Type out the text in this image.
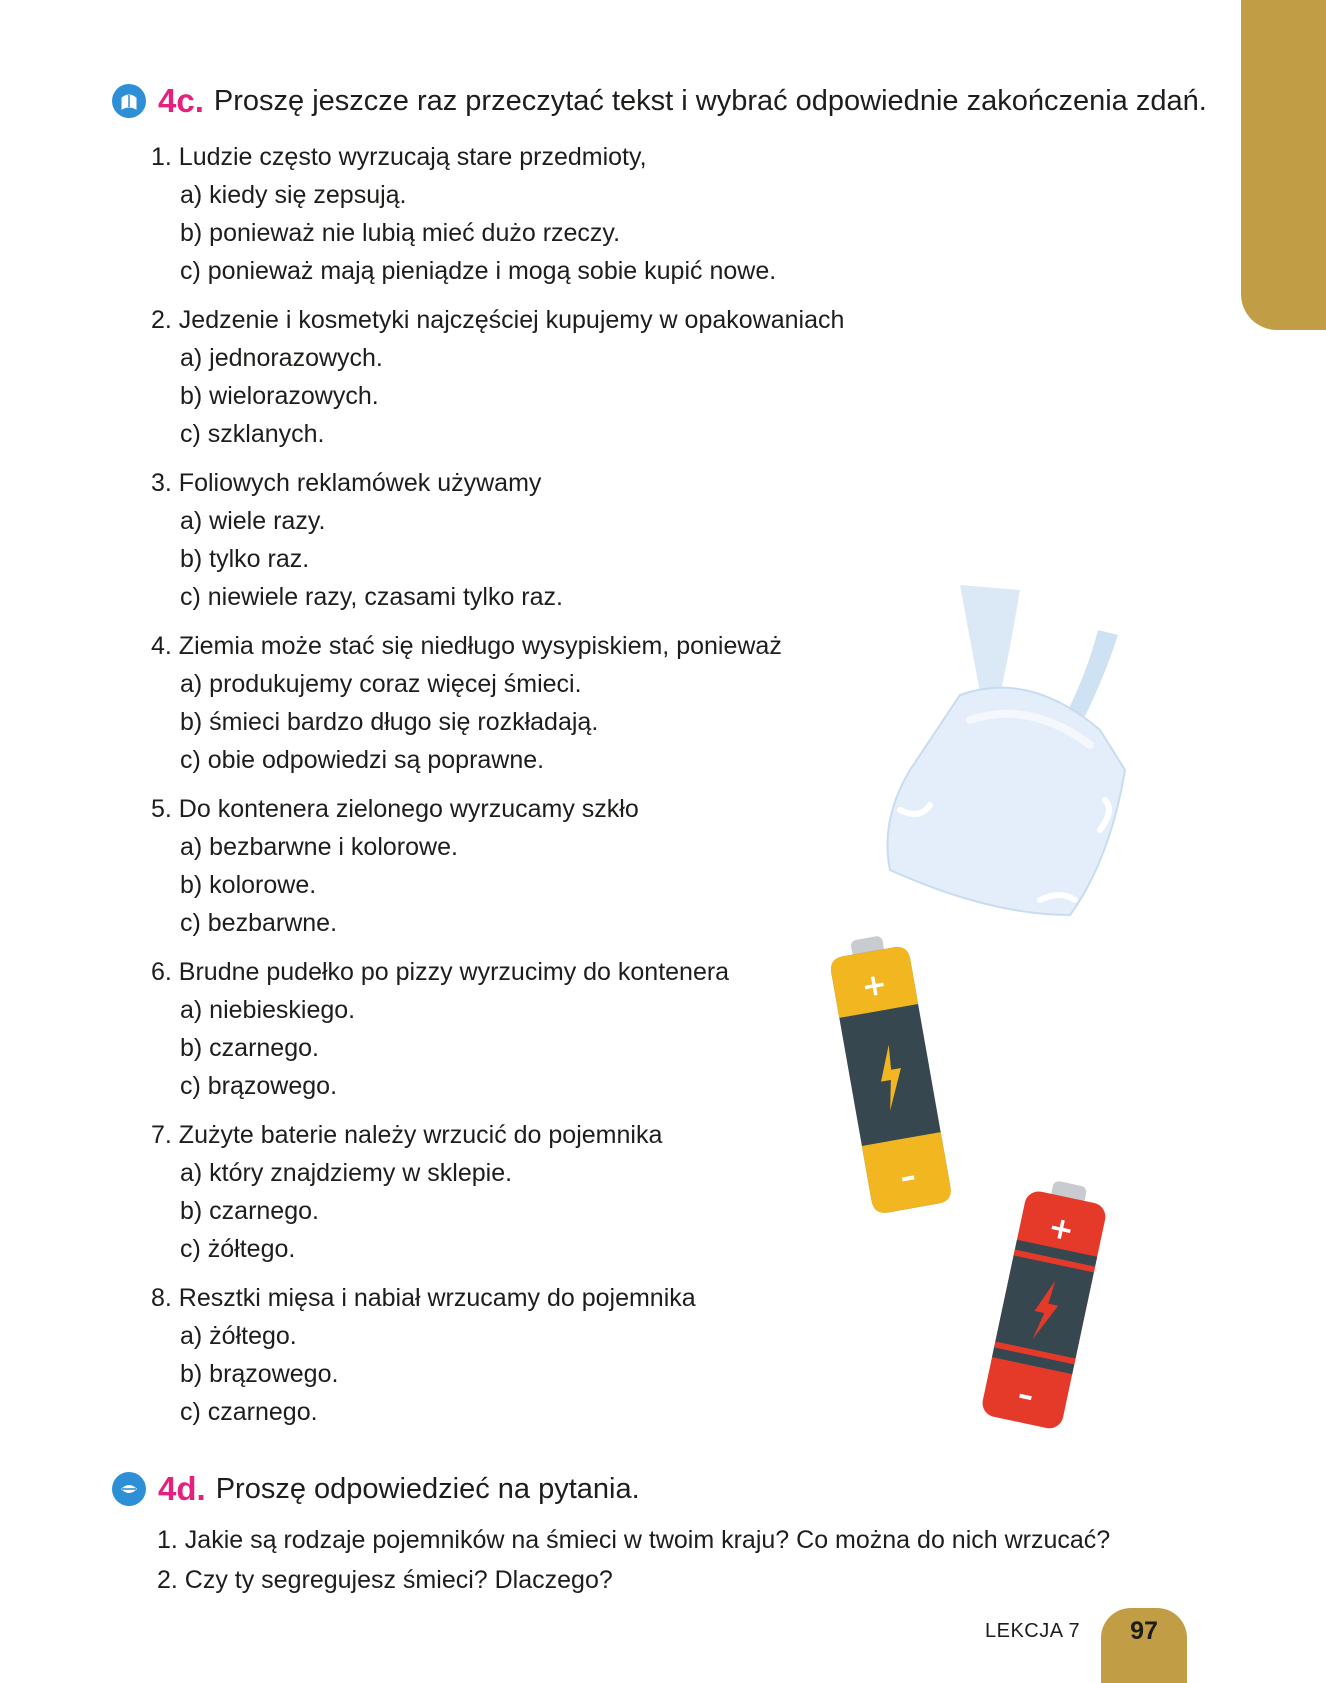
4c. Proszę jeszcze raz przeczytać tekst i wybrać odpowiednie zakończenia zdań.
1. Ludzie często wyrzucają stare przedmioty,
a) kiedy się zepsują.
b) ponieważ nie lubią mieć dużo rzeczy.
c) ponieważ mają pieniądze i mogą sobie kupić nowe.
2. Jedzenie i kosmetyki najczęściej kupujemy w opakowaniach
a) jednorazowych.
b) wielorazowych.
c) szklanych.
3. Foliowych reklamówek używamy
a) wiele razy.
b) tylko raz.
c) niewiele razy, czasami tylko raz.
4. Ziemia może stać się niedługo wysypiskiem, ponieważ
a) produkujemy coraz więcej śmieci.
b) śmieci bardzo długo się rozkładają.
c) obie odpowiedzi są poprawne.
5. Do kontenera zielonego wyrzucamy szkło
a) bezbarwne i kolorowe.
b) kolorowe.
c) bezbarwne.
6. Brudne pudełko po pizzy wyrzucimy do kontenera
a) niebieskiego.
b) czarnego.
c) brązowego.
7. Zużyte baterie należy wrzucić do pojemnika
a) który znajdziemy w sklepie.
b) czarnego.
c) żółtego.
8. Resztki mięsa i nabiał wrzucamy do pojemnika
a) żółtego.
b) brązowego.
c) czarnego.
4d. Proszę odpowiedzieć na pytania.
1. Jakie są rodzaje pojemników na śmieci w twoim kraju? Co można do nich wrzucać?
2. Czy ty segregujesz śmieci? Dlaczego?
+
+
LEKCJA 7	97
